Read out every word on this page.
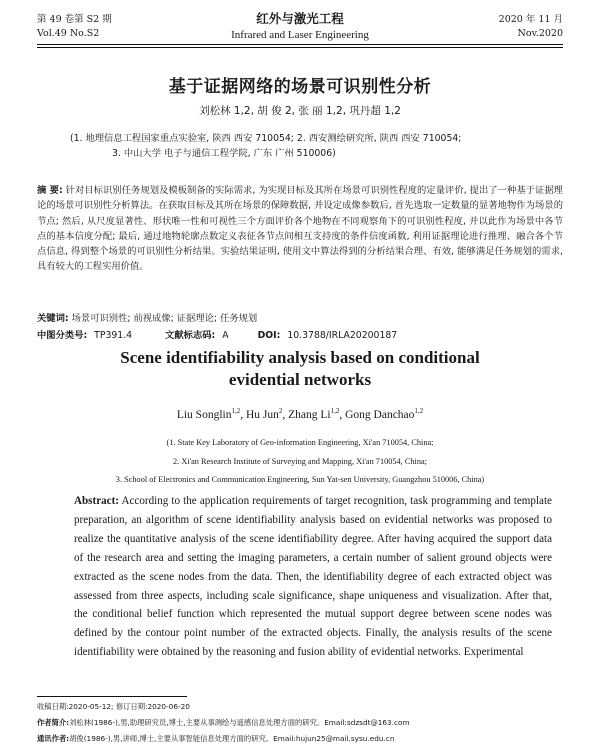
第 49 卷第 S2 期
Vol.49 No.S2
红外与激光工程
Infrared and Laser Engineering
2020 年 11 月
Nov.2020
基于证据网络的场景可识别性分析
刘松林 1,2, 胡 俊 2, 张 丽 1,2, 巩丹超 1,2
(1. 地理信息工程国家重点实验室, 陕西 西安 710054; 2. 西安测绘研究所, 陕西 西安 710054;
3. 中山大学 电子与通信工程学院, 广东 广州 510006)
摘 要: 针对目标识别任务规划及模板制备的实际需求, 为实现目标及其所在场景可识别性程度的定量评价, 提出了一种基于证据理论的场景可识别性分析算法。在获取目标及其所在场景的保障数据, 并设定成像参数后, 首先选取一定数量的显著地物作为场景的节点; 然后, 从尺度显著性、形状唯一性和可视性三个方面评价各个地物在不同观察角下的可识别性程度, 并以此作为场景中各节点的基本信度分配; 最后, 通过地物轮廓点数定义表征各节点间相互支持度的条件信度函数, 利用证据理论进行推理、融合各个节点信息, 得到整个场景的可识别性分析结果。实验结果证明, 使用文中算法得到的分析结果合理、有效, 能够满足任务规划的需求, 具有较大的工程实用价值。
关键词: 场景可识别性; 前视成像; 证据理论; 任务规划
中图分类号: TP391.4	文献标志码: A	DOI: 10.3788/IRLA20200187
Scene identifiability analysis based on conditional
evidential networks
Liu Songlin$^{1,2}$, Hu Jun$^2$, Zhang Li$^{1,2}$, Gong Danchao$^{1,2}$
(1. State Key Laboratory of Geo-information Engineering, Xi'an 710054, China;
2. Xi'an Research Institute of Surveying and Mapping, Xi'an 710054, China;
3. School of Electronics and Communication Engineering, Sun Yat-sen University, Guangzhou 510006, China)
Abstract: According to the application requirements of target recognition, task programming and template preparation, an algorithm of scene identifiability analysis based on evidential networks was proposed to realize the quantitative analysis of the scene identifiability degree. After having acquired the support data of the research area and setting the imaging parameters, a certain number of salient ground objects were extracted as the scene nodes from the data. Then, the identifiability degree of each extracted object was assessed from three aspects, including scale significance, shape uniqueness and visualization. After that, the conditional belief function which represented the mutual support degree between scene nodes was defined by the contour point number of the extracted objects. Finally, the analysis results of the scene identifiability were obtained by the reasoning and fusion ability of evidential networks. Experimental
收稿日期:2020-05-12; 修订日期:2020-06-20
作者简介:刘松林(1986-),男,助理研究员,博士,主要从事测绘与遥感信息处理方面的研究。Email:sdzsdt@163.com
通讯作者:胡俊(1986-),男,讲师,博士,主要从事智能信息处理方面的研究。Email:hujun25@mail.sysu.edu.cn
